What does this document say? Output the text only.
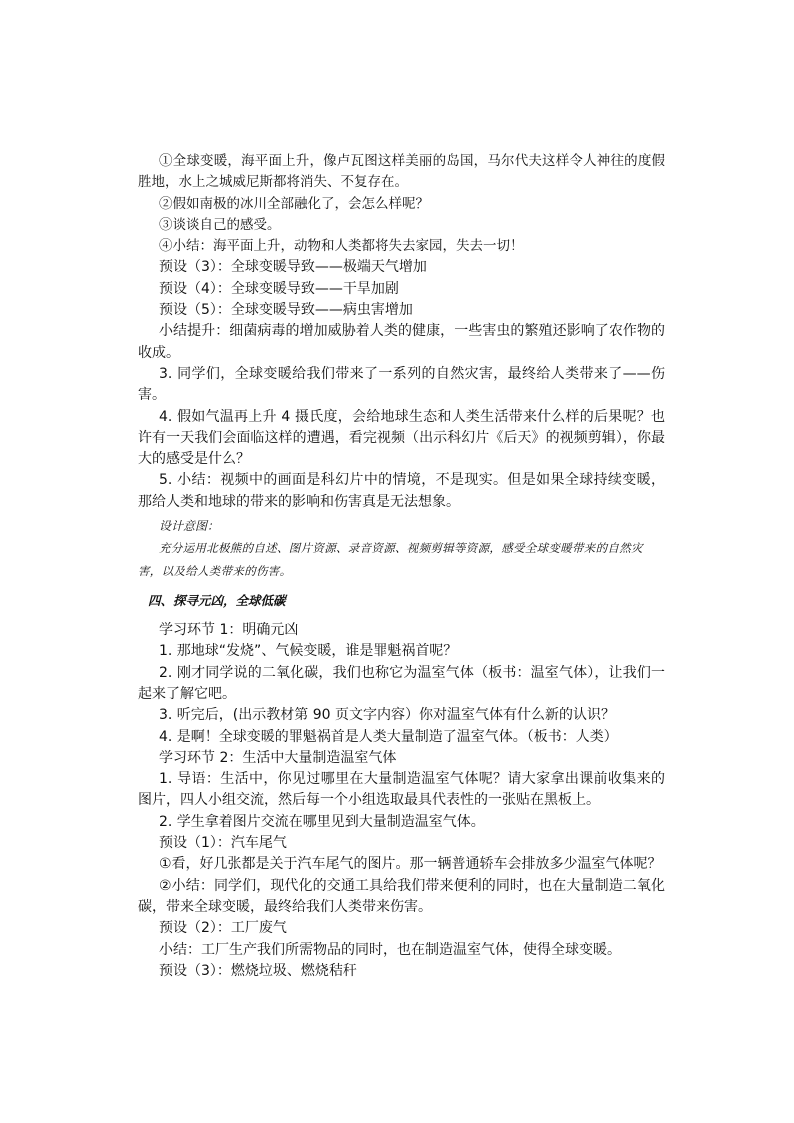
①全球变暖，海平面上升，像卢瓦图这样美丽的岛国，马尔代夫这样令人神往的度假胜地，水上之城威尼斯都将消失、不复存在。

②假如南极的冰川全部融化了，会怎么样呢？

③谈谈自己的感受。

④小结：海平面上升，动物和人类都将失去家园，失去一切！

预设（3）：全球变暖导致——极端天气增加

预设（4）：全球变暖导致——干旱加剧

预设（5）：全球变暖导致——病虫害增加

小结提升：细菌病毒的增加威胁着人类的健康，一些害虫的繁殖还影响了农作物的收成。

3. 同学们，全球变暖给我们带来了一系列的自然灾害，最终给人类带来了——伤害。

4. 假如气温再上升 4 摄氏度，会给地球生态和人类生活带来什么样的后果呢？也许有一天我们会面临这样的遭遇，看完视频（出示科幻片《后天》的视频剪辑），你最大的感受是什么？

5. 小结：视频中的画面是科幻片中的情境，不是现实。但是如果全球持续变暖，那给人类和地球的带来的影响和伤害真是无法想象。

设计意图：

充分运用北极熊的自述、图片资源、录音资源、视频剪辑等资源，感受全球变暖带来的自然灾害，以及给人类带来的伤害。

四、探寻元凶，全球低碳

学习环节 1：明确元凶

1. 那地球“发烧”、气候变暖，谁是罪魁祸首呢？

2. 刚才同学说的二氧化碳，我们也称它为温室气体（板书：温室气体），让我们一起来了解它吧。

3. 听完后，(出示教材第 90 页文字内容）你对温室气体有什么新的认识？

4. 是啊！全球变暖的罪魁祸首是人类大量制造了温室气体。（板书：人类）

学习环节 2：生活中大量制造温室气体

1. 导语：生活中，你见过哪里在大量制造温室气体呢？请大家拿出课前收集来的图片，四人小组交流，然后每一个小组选取最具代表性的一张贴在黑板上。

2. 学生拿着图片交流在哪里见到大量制造温室气体。

预设（1）：汽车尾气

①看，好几张都是关于汽车尾气的图片。那一辆普通轿车会排放多少温室气体呢？

②小结：同学们，现代化的交通工具给我们带来便利的同时，也在大量制造二氧化碳，带来全球变暖，最终给我们人类带来伤害。

预设（2）：工厂废气

小结：工厂生产我们所需物品的同时，也在制造温室气体，使得全球变暖。

预设（3）：燃烧垃圾、燃烧秸秆
